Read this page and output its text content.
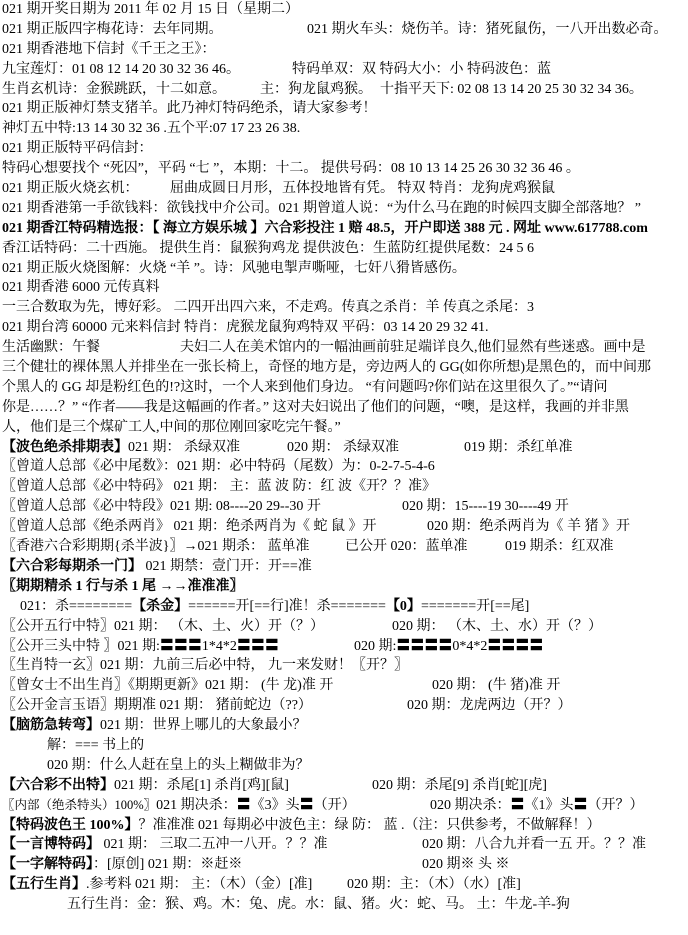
021 期开奖日期为 2011 年 02 月 15 日（星期二）
021 期正版四字梅花诗：去年同期。	021 期火车头：烧伤羊。诗：猪死鼠伤，一八开出数必奇。
021 期香港地下信封《千王之王》：
九宝莲灯：01 08 12 14 20 30 32 36 46。	特码单双：双 特码大小：小 特码波色：蓝
生肖玄机诗：金猴跳跃，十二如意。 主：狗龙鼠鸡猴。 十指平天下: 02 08 13 14 20 25 30 32 34 36。
021 期正版神灯禁支猪羊。此乃神灯特码绝杀，请大家参考！
神灯五中特:13 14 30 32 36 .五个平:07 17 23 26 38.
021 期正版特平码信封：
特码心想要找个 “死囚”，平码 “七 ”，本期：十二。 提供号码：08 10 13 14 25 26 30 32 36 46 。
021 期正版火烧玄机： 屈曲成圆日月形，五体投地皆有凭。 特双 特肖：龙狗虎鸡猴鼠
021 期香港第一手欲钱料：欲钱找中介公司。021 期曾道人说：“为什么马在跑的时候四支脚全部落地？ ”
021 期香江特码精选报：【 海立方娱乐城 】六合彩投注 1 赔 48.5，开户即送 388 元 . 网址 www.617788.com
香江话特码：二十西施。 提供生肖：鼠猴狗鸡龙 提供波色：生蓝防红提供尾数：24 5 6
021 期正版火烧图解：火烧 “羊 ”。诗：风驰电掣声嘶哑，七奸八猾皆感伤。
021 期香港 6000 元传真料
一三合数取为先，博好彩。 二四开出四六来，不走鸡。传真之杀肖：羊 传真之杀尾：3
021 期台湾 60000 元来料信封 特肖：虎猴龙鼠狗鸡特双 平码：03 14 20 29 32 41.
生活幽默：午餐	夫妇二人在美术馆内的一幅油画前驻足端详良久,他们显然有些迷惑。画中是
三个健壮的裸体黑人并排坐在一张长椅上，奇怪的地方是，旁边两人的 GG(如你所想)是黑色的，而中间那
个黑人的 GG 却是粉红色的!?这时，一个人来到他们身边。 “有问题吗?你们站在这里很久了。”“请问
你是……？” “作者——我是这幅画的作者。” 这对夫妇说出了他们的问题，“噢，是这样，我画的并非黑
人，他们是三个煤矿工人,中间的那位刚回家吃完午餐。”
【波色绝杀排期表】021 期： 杀绿双准	020 期： 杀绿双准	019 期：杀红单准
〖曾道人总部《必中尾数》：021 期：必中特码（尾数）为：0-2-7-5-4-6
〖曾道人总部《必中特码》 021 期： 主：蓝 波 防：红 波《开？？准》
〖曾道人总部《必中特段》021 期: 08----20 29--30 开	020 期：15----19 30----49 开
〖曾道人总部《绝杀两肖》 021 期：绝杀两肖为《 蛇 鼠 》开	020 期：绝杀两肖为《 羊 猪 》开
〖香港六合彩期期{杀半波}〗→021 期杀： 蓝单准	已公开 020：蓝单准	019 期杀：红双准
【六合彩每期杀一门】 021 期禁：壹门开：开==准
〖期期精杀 1 行与杀 1 尾 →→准准准〗
021：杀========【杀金】======开[==行]准！杀=======【0】=======开[==尾]
〖公开五行中特〗021 期： （木、土、火）开（？）	020 期： （木、土、水）开（？）
〖公开三头中特 〗021 期:〓〓〓1*4*2〓〓〓	020 期:〓〓〓〓0*4*2〓〓〓〓
〖生肖特一玄〗021 期：九前三后必中特， 九一来发财！〖开？〗
〖曾女士不出生肖〗《期期更新》021 期： (牛 龙)准 开	020 期： (牛 猪)准 开
〖公开金言玉语〗期期准 021 期： 猪前蛇边（??）	020 期：龙虎两边（开？）
【脑筋急转弯】021 期：世界上哪儿的大象最小？
解：=== 书上的
020 期：什么人赶在皇上的头上糊做非为？
【六合彩不出特】021 期：杀尾[1] 杀肖[鸡][鼠]	020 期：杀尾[9] 杀肖[蛇][虎]
〖内部（绝杀特头）100%〗021 期决杀：〓《3》头〓（开）	020 期决杀：〓《1》头〓（开？）
【特码波色王 100%】？准准准 021 每期必中波色主：绿 防： 蓝 .（注：只供参考，不做解释！）
【一言博特码】 021 期： 三取二五冲一八开。？？准	020 期：八合九并看一五 开。？？准
【一字解特码】：[原创] 021 期：※赶※	020 期※ 头 ※
【五行生肖】.参考料 021 期： 主：（木）（金）[准] 020 期：主：（木）（水）[准]
五行生肖：金：猴、鸡。木：兔、虎。水：鼠、猪。火：蛇、马。 土：牛龙-羊-狗
